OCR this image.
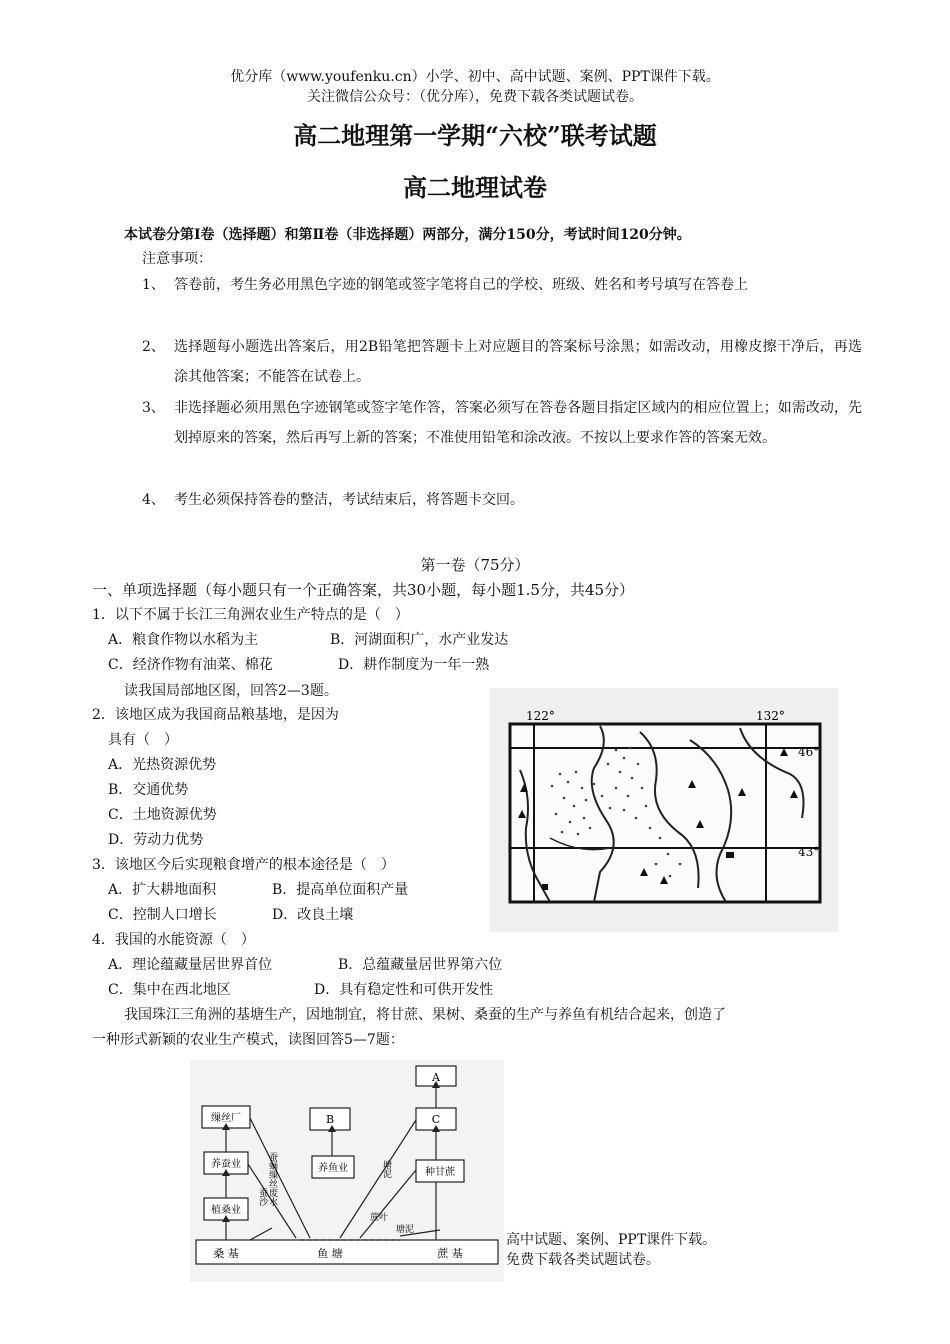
优分库（www.youfenku.cn）小学、初中、高中试题、案例、PPT课件下载。
关注微信公众号：（优分库），免费下载各类试题试卷。
高二地理第一学期“六校”联考试题
高二地理试卷
本试卷分第Ⅰ卷（选择题）和第Ⅱ卷（非选择题）两部分，满分150分，考试时间120分钟。
注意事项：
1、 答卷前，考生务必用黑色字迹的钢笔或签字笔将自己的学校、班级、姓名和考号填写在答卷上
2、 选择题每小题选出答案后，用2B铅笔把答题卡上对应题目的答案标号涂黑；如需改动，用橡皮擦干净后，再选涂其他答案；不能答在试卷上。
3、 非选择题必须用黑色字迹钢笔或签字笔作答，答案必须写在答卷各题目指定区域内的相应位置上；如需改动，先划掉原来的答案，然后再写上新的答案；不准使用铅笔和涂改液。不按以上要求作答的答案无效。
4、 考生必须保持答卷的整洁，考试结束后，将答题卡交回。
第一卷（75分）
一、单项选择题（每小题只有一个正确答案，共30小题，每小题1.5分，共45分）
1．以下不属于长江三角洲农业生产特点的是（　）
A．粮食作物以水稻为主	B．河湖面积广，水产业发达
C．经济作物有油菜、棉花	D．耕作制度为一年一熟
读我国局部地区图，回答2—3题。
2．该地区成为我国商品粮基地，是因为
具有（　）
A．光热资源优势
B．交通优势
C．土地资源优势
D．劳动力优势
3．该地区今后实现粮食增产的根本途径是（　）
A．扩大耕地面积	B．提高单位面积产量
C．控制人口增长	D．改良土壤
4．我国的水能资源（　）
A．理论蕴藏量居世界首位	B．总蕴藏量居世界第六位
C．集中在西北地区	D．具有稳定性和可供开发性
我国珠江三角洲的基塘生产，因地制宜，将甘蔗、果树、桑蚕的生产与养鱼有机结合起来，创造了
一种形式新颖的农业生产模式，读图回答5—7题：
122°	132°
46°
43°
A
C
B
缫丝厂
养蚕业	养鱼业	种甘蔗
植桑业
桑 基	鱼 塘	蔗 基
蚕蛹缫丝废水
蚕沙
塘泥
蔗叶
塘泥
高中试题、案例、PPT课件下载。
免费下载各类试题试卷。
